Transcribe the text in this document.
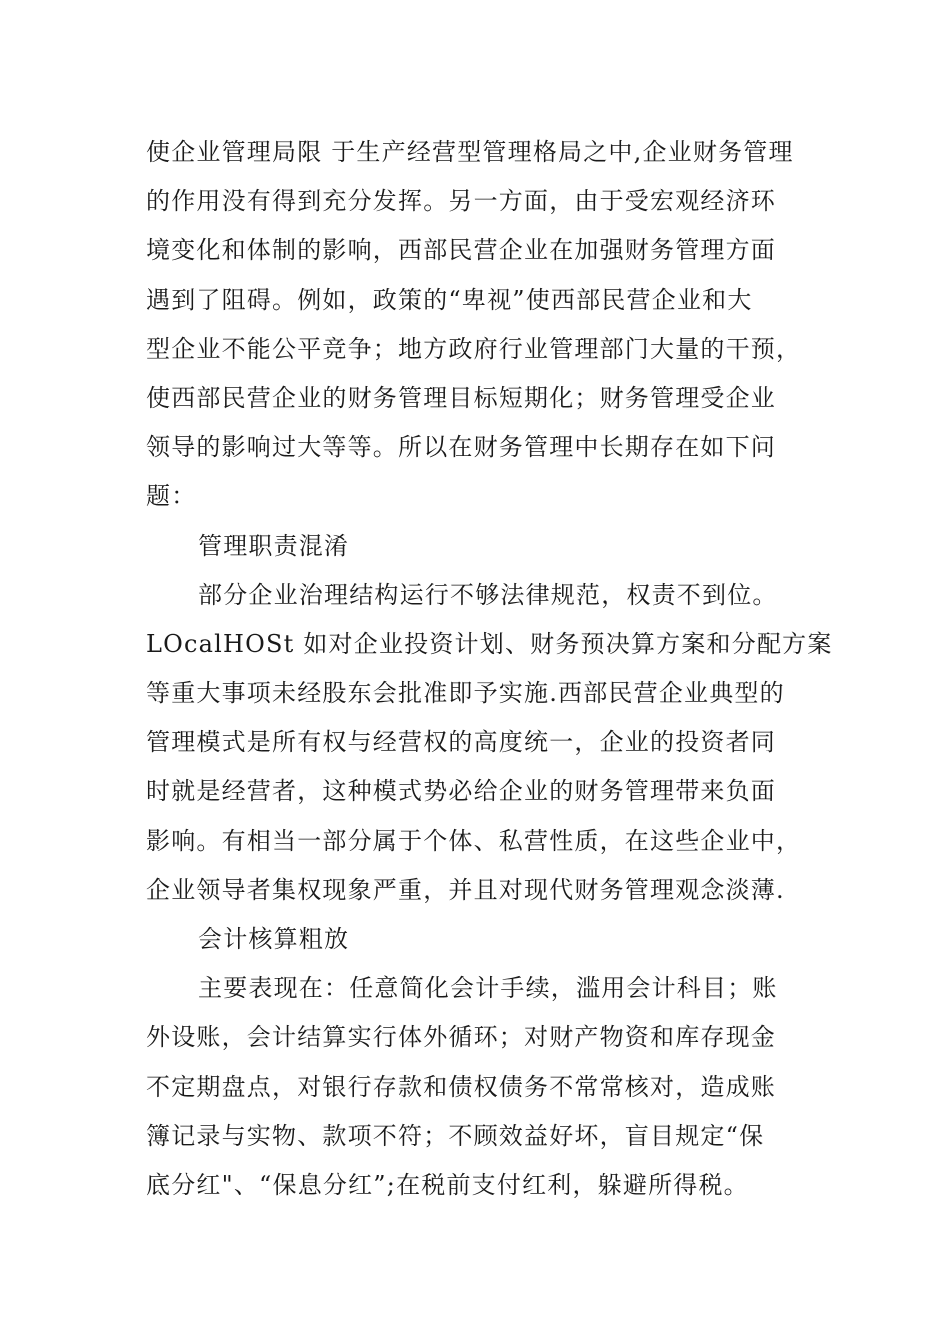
使企业管理局限 于生产经营型管理格局之中,企业财务管理
的作用没有得到充分发挥。另一方面，由于受宏观经济环
境变化和体制的影响，西部民营企业在加强财务管理方面
遇到了阻碍。例如，政策的“卑视”使西部民营企业和大
型企业不能公平竞争；地方政府行业管理部门大量的干预，
使西部民营企业的财务管理目标短期化；财务管理受企业
领导的影响过大等等。所以在财务管理中长期存在如下问
题：
管理职责混淆
部分企业治理结构运行不够法律规范，权责不到位。
LOcalHOSt 如对企业投资计划、财务预决算方案和分配方案
等重大事项未经股东会批准即予实施.西部民营企业典型的
管理模式是所有权与经营权的高度统一，企业的投资者同
时就是经营者，这种模式势必给企业的财务管理带来负面
影响。有相当一部分属于个体、私营性质，在这些企业中，
企业领导者集权现象严重，并且对现代财务管理观念淡薄.
会计核算粗放
主要表现在：任意简化会计手续，滥用会计科目；账
外设账，会计结算实行体外循环；对财产物资和库存现金
不定期盘点，对银行存款和债权债务不常常核对，造成账
簿记录与实物、款项不符；不顾效益好坏，盲目规定“保
底分红"、“保息分红”;在税前支付红利，躲避所得税。
